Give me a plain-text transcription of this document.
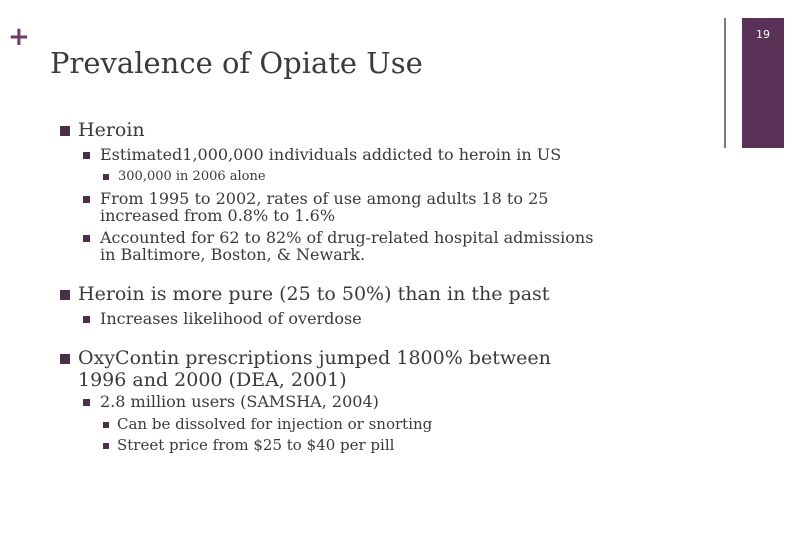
+	19
Prevalence of Opiate Use
Heroin
Estimated1,000,000 individuals addicted to heroin in US
300,000 in 2006 alone
From 1995 to 2002, rates of use among adults 18 to 25
increased from 0.8% to 1.6%
Accounted for 62 to 82% of drug-related hospital admissions
in Baltimore, Boston, & Newark.
Heroin is more pure (25 to 50%) than in the past
Increases likelihood of overdose
OxyContin prescriptions jumped 1800% between
1996 and 2000 (DEA, 2001)
2.8 million users (SAMSHA, 2004)
Can be dissolved for injection or snorting
Street price from $25 to $40 per pill
